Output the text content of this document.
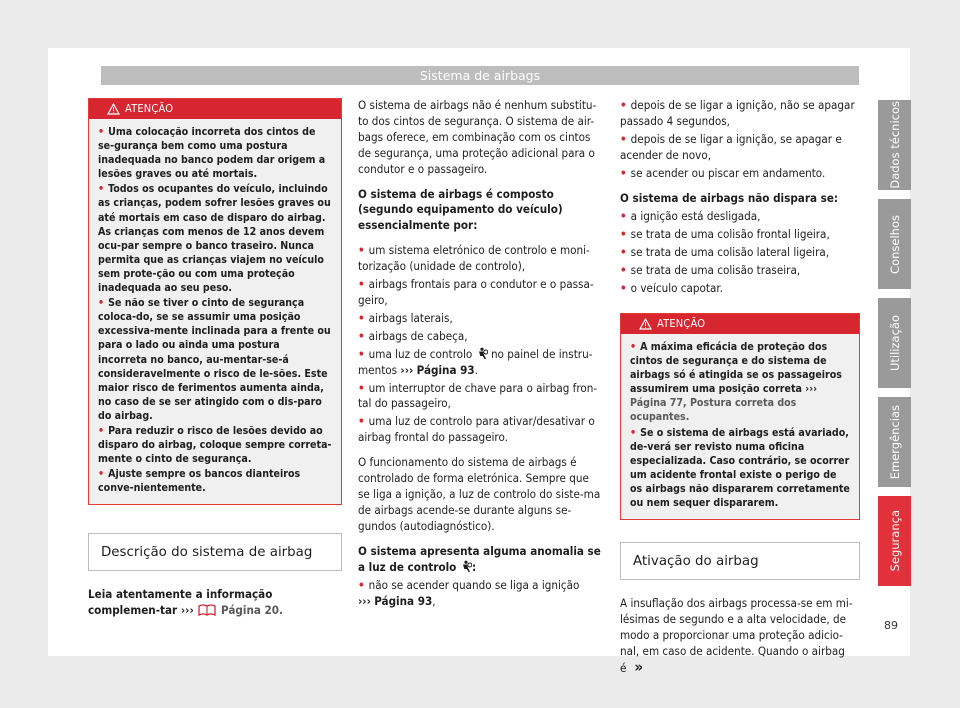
Sistema de airbags
ATENÇÃO
• Uma colocação incorreta dos cintos de se-gurança bem como uma postura inadequada no banco podem dar origem a lesões graves ou até mortais.
• Todos os ocupantes do veículo, incluindo as crianças, podem sofrer lesões graves ou até mortais em caso de disparo do airbag. As crianças com menos de 12 anos devem ocu-par sempre o banco traseiro. Nunca permita que as crianças viajem no veículo sem prote-ção ou com uma proteção inadequada ao seu peso.
• Se não se tiver o cinto de segurança coloca-do, se se assumir uma posição excessiva-mente inclinada para a frente ou para o lado ou ainda uma postura incorreta no banco, au-mentar-se-á consideravelmente o risco de le-sões. Este maior risco de ferimentos aumenta ainda, no caso de se ser atingido com o dis-paro do airbag.
• Para reduzir o risco de lesões devido ao disparo do airbag, coloque sempre correta-mente o cinto de segurança.
• Ajuste sempre os bancos dianteiros conve-nientemente.
Descrição do sistema de airbag

Leia atentamente a informação complemen-tar ››› Página 20.

O sistema de airbags não é nenhum substitu-to dos cintos de segurança. O sistema de air-bags oferece, em combinação com os cintos de segurança, uma proteção adicional para o condutor e o passageiro.

O sistema de airbags é composto (segundo equipamento do veículo) essencialmente por:

• um sistema eletrónico de controlo e moni-torização (unidade de controlo),
• airbags frontais para o condutor e o passa-geiro,
• airbags laterais,
• airbags de cabeça,
• uma luz de controlo no painel de instru-mentos ››› Página 93.
• um interruptor de chave para o airbag fron-tal do passageiro,
• uma luz de controlo para ativar/desativar o airbag frontal do passageiro.

O funcionamento do sistema de airbags é controlado de forma eletrónica. Sempre que se liga a ignição, a luz de controlo do siste-ma de airbags acende-se durante alguns se-gundos (autodiagnóstico).

O sistema apresenta alguma anomalia se a luz de controlo :

• não se acender quando se liga a ignição
››› Página 93,
• depois de se ligar a ignição, não se apagar passado 4 segundos,
• depois de se ligar a ignição, se apagar e acender de novo,
• se acender ou piscar em andamento.

O sistema de airbags não dispara se:

• a ignição está desligada,
• se trata de uma colisão frontal ligeira,
• se trata de uma colisão lateral ligeira,
• se trata de uma colisão traseira,
• o veículo capotar.
ATENÇÃO
• A máxima eficácia de proteção dos cintos de segurança e do sistema de airbags só é atingida se os passageiros assumirem uma posição correta ››› Página 77, Postura correta dos ocupantes.
• Se o sistema de airbags está avariado, de-verá ser revisto numa oficina especializada. Caso contrário, se ocorrer um acidente frontal existe o perigo de os airbags não dispararem corretamente ou nem sequer dispararem.
Ativação do airbag

A insuflação dos airbags processa-se em mi-lésimas de segundo e a alta velocidade, de modo a proporcionar uma proteção adicio-nal, em caso de acidente. Quando o airbag é »

Dados técnicos
Conselhos
Utilização
Emergências
Segurança
89
